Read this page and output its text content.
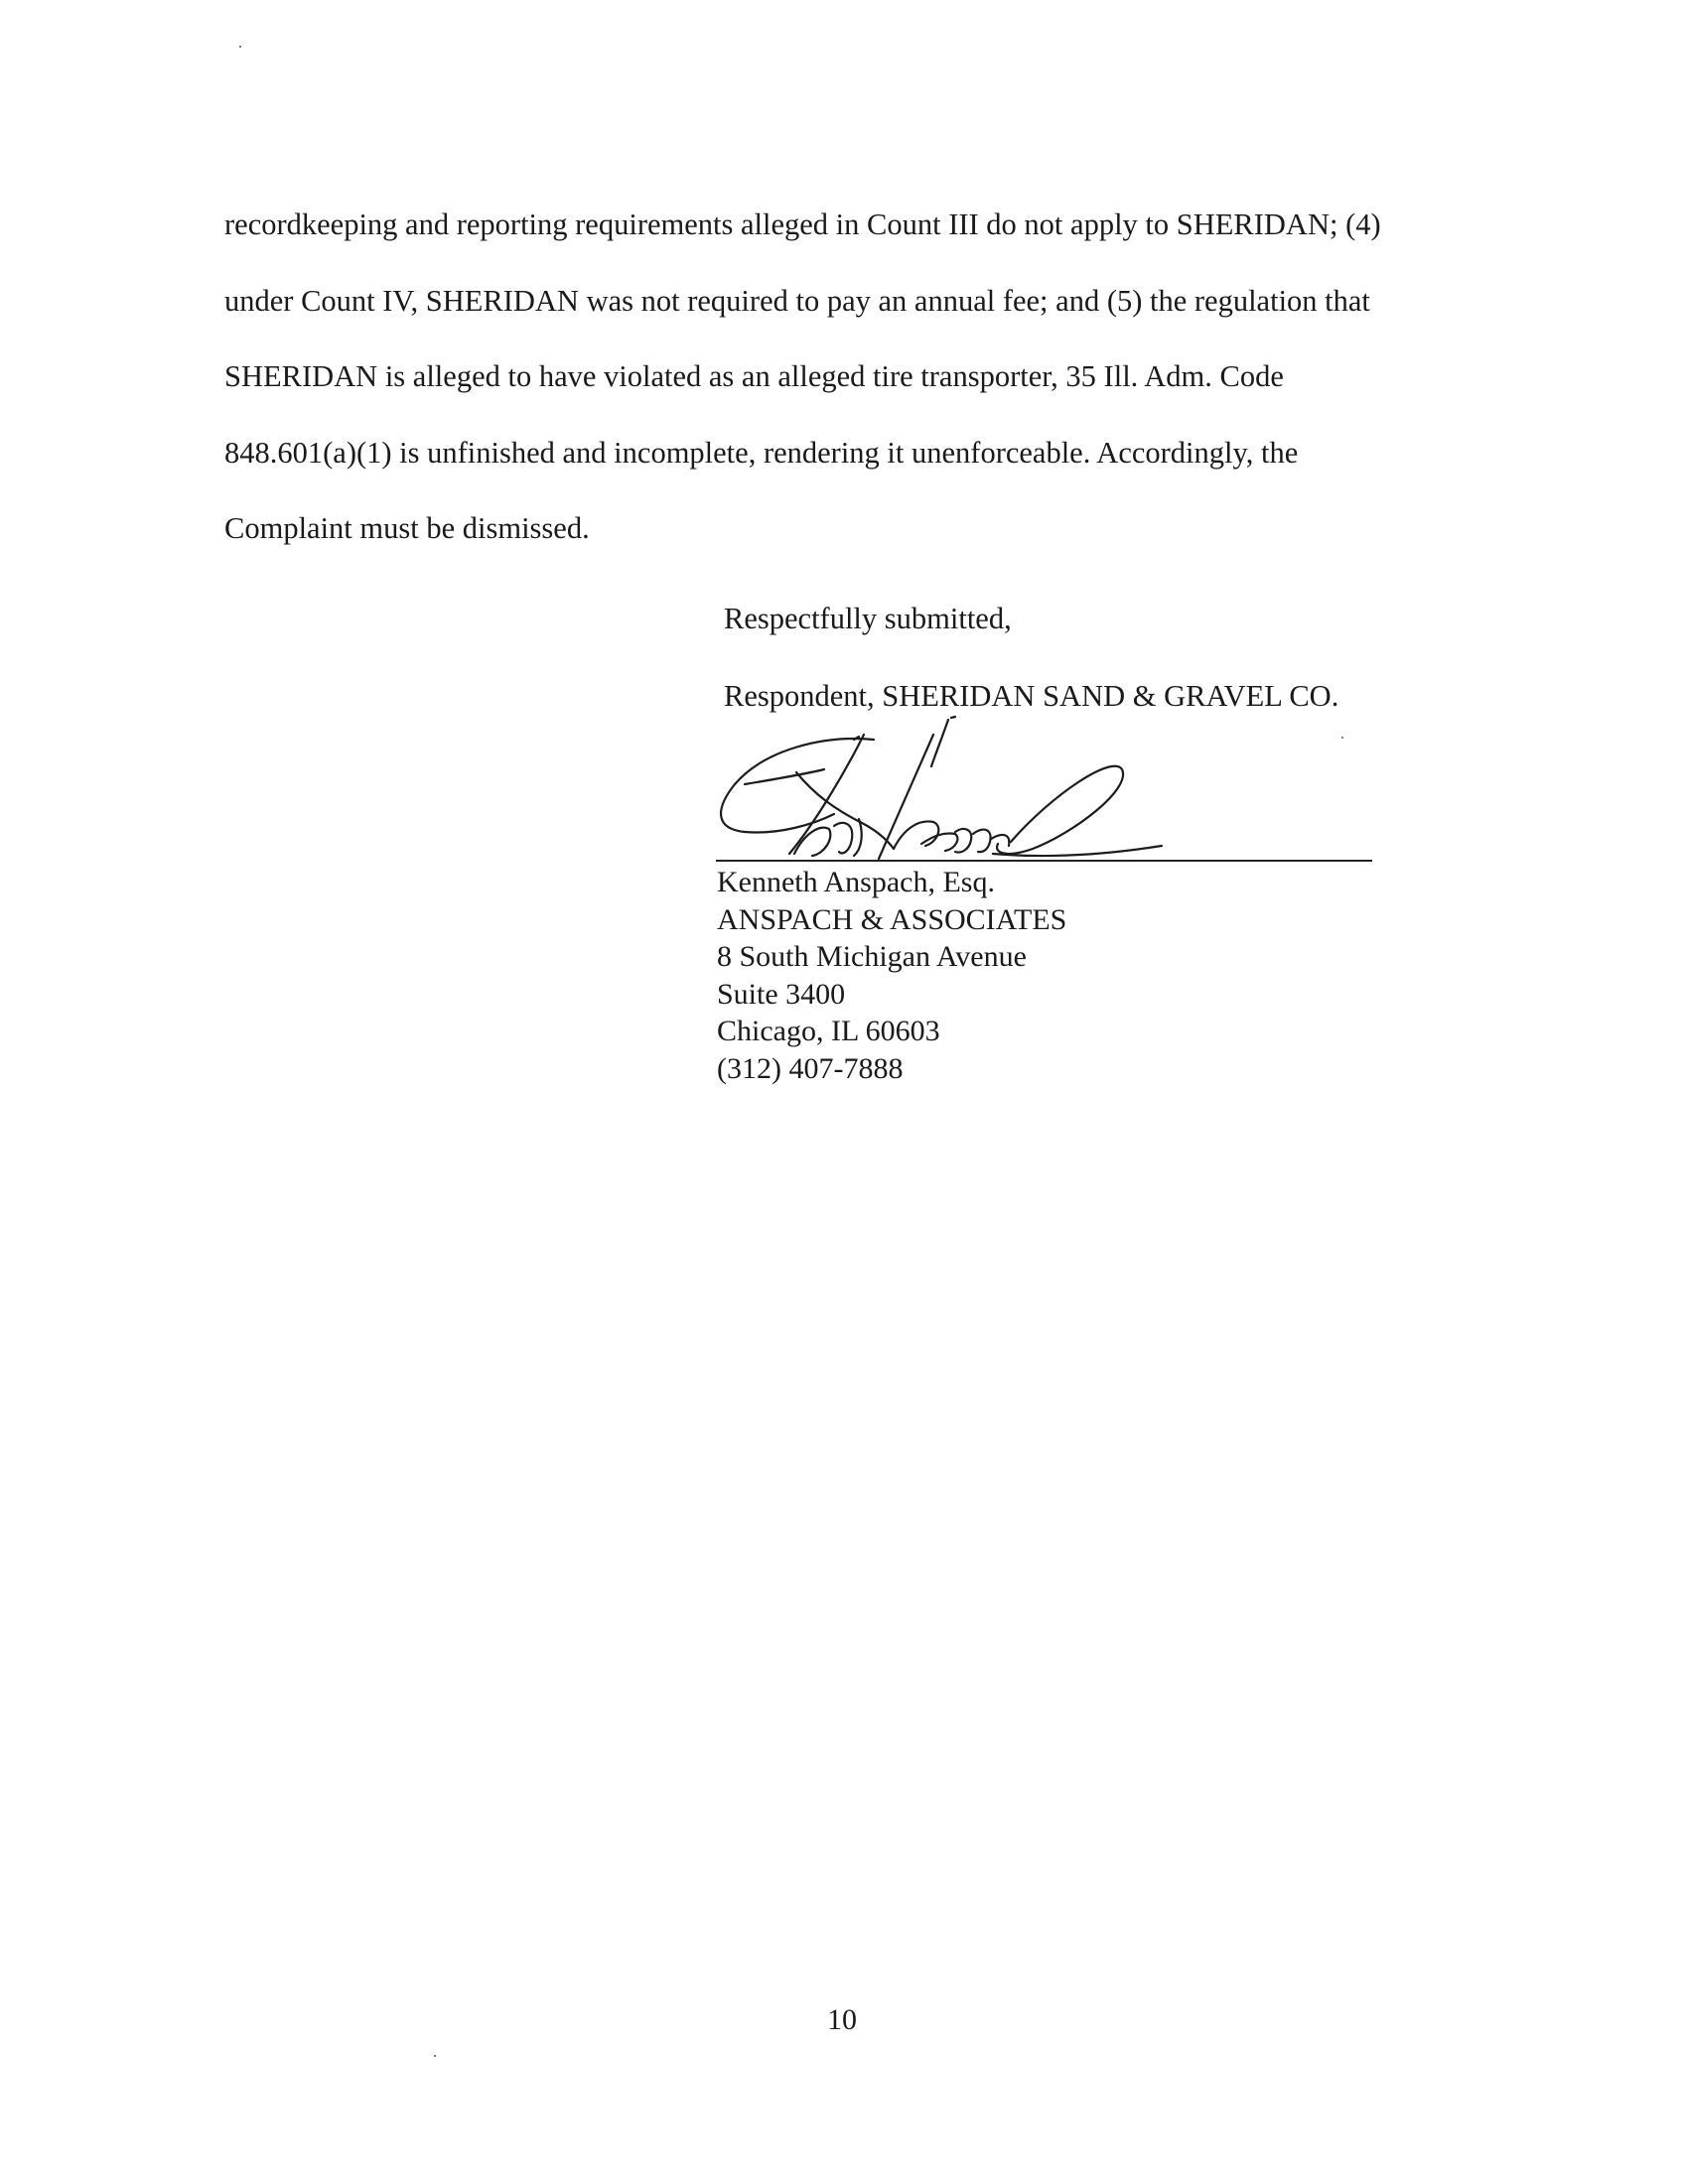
recordkeeping and reporting requirements alleged in Count III do not apply to SHERIDAN; (4)
under Count IV, SHERIDAN was not required to pay an annual fee; and (5) the regulation that
SHERIDAN is alleged to have violated as an alleged tire transporter, 35 Ill. Adm. Code
848.601(a)(1) is unfinished and incomplete, rendering it unenforceable. Accordingly, the
Complaint must be dismissed.

Respectfully submitted,

Respondent, SHERIDAN SAND & GRAVEL CO.

Kenneth Anspach, Esq.
ANSPACH & ASSOCIATES
8 South Michigan Avenue
Suite 3400
Chicago, IL 60603
(312) 407-7888
10
